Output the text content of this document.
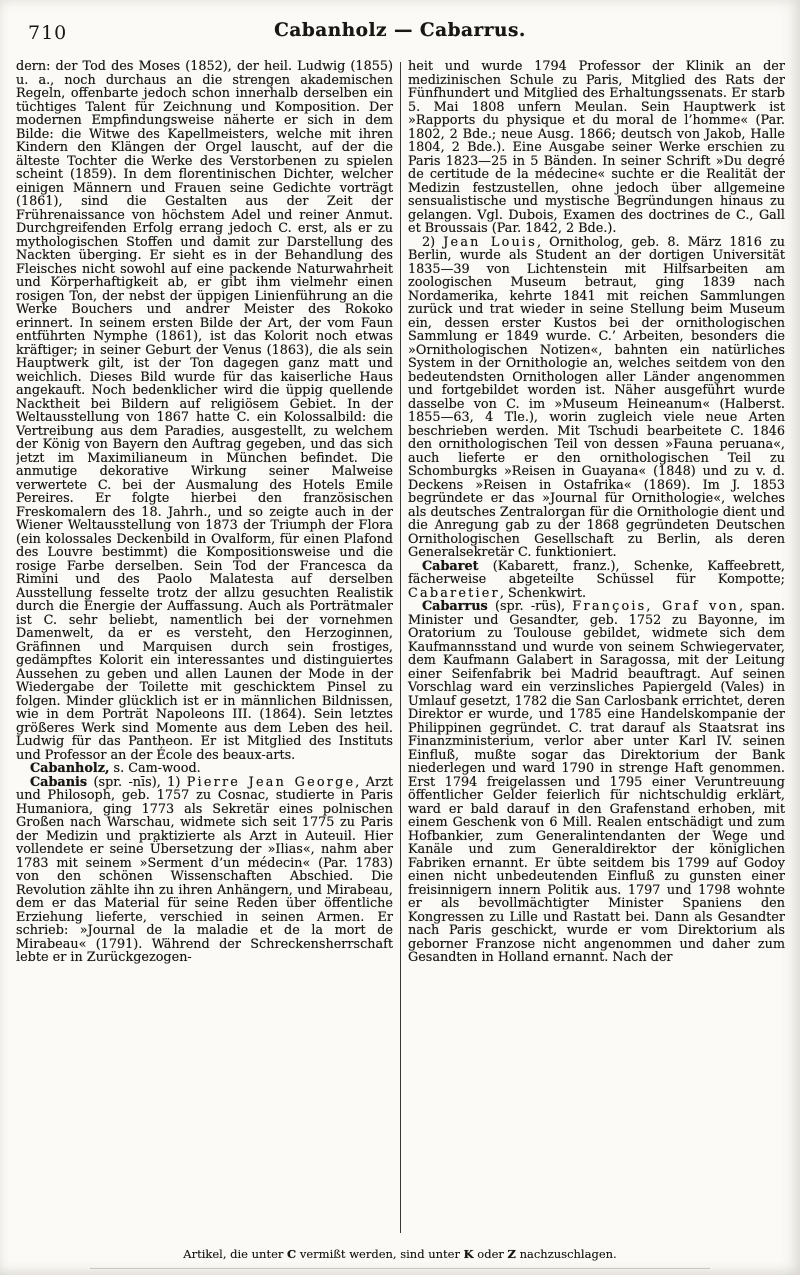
710	Cabanholz — Cabarrus.

dern: der Tod des Moses (1852), der heil. Ludwig (1855) u. a., noch durchaus an die strengen akademischen Regeln, offenbarte jedoch schon innerhalb derselben ein tüchtiges Talent für Zeichnung und Komposition. Der modernen Empfindungsweise näherte er sich in dem Bilde: die Witwe des Kapellmeisters, welche mit ihren Kindern den Klängen der Orgel lauscht, auf der die älteste Tochter die Werke des Verstorbenen zu spielen scheint (1859). In dem florentinischen Dichter, welcher einigen Männern und Frauen seine Gedichte vorträgt (1861), sind die Gestalten aus der Zeit der Frührenaissance von höchstem Adel und reiner Anmut. Durchgreifenden Erfolg errang jedoch C. erst, als er zu mythologischen Stoffen und damit zur Darstellung des Nackten überging. Er sieht es in der Behandlung des Fleisches nicht sowohl auf eine packende Naturwahrheit und Körperhaftigkeit ab, er gibt ihm vielmehr einen rosigen Ton, der nebst der üppigen Linienführung an die Werke Bouchers und andrer Meister des Rokoko erinnert. In seinem ersten Bilde der Art, der vom Faun entführten Nymphe (1861), ist das Kolorit noch etwas kräftiger; in seiner Geburt der Venus (1863), die als sein Hauptwerk gilt, ist der Ton dagegen ganz matt und weichlich. Dieses Bild wurde für das kaiserliche Haus angekauft. Noch bedenklicher wird die üppig quellende Nacktheit bei Bildern auf religiösem Gebiet. In der Weltausstellung von 1867 hatte C. ein Kolossalbild: die Vertreibung aus dem Paradies, ausgestellt, zu welchem der König von Bayern den Auftrag gegeben, und das sich jetzt im Maximilianeum in München befindet. Die anmutige dekorative Wirkung seiner Malweise verwertete C. bei der Ausmalung des Hotels Emile Pereires. Er folgte hierbei den französischen Freskomalern des 18. Jahrh., und so zeigte auch in der Wiener Weltausstellung von 1873 der Triumph der Flora (ein kolossales Deckenbild in Ovalform, für einen Plafond des Louvre bestimmt) die Kompositionsweise und die rosige Farbe derselben. Sein Tod der Francesca da Rimini und des Paolo Malatesta auf derselben Ausstellung fesselte trotz der allzu gesuchten Realistik durch die Energie der Auffassung. Auch als Porträtmaler ist C. sehr beliebt, namentlich bei der vornehmen Damenwelt, da er es versteht, den Herzoginnen, Gräfinnen und Marquisen durch sein frostiges, gedämpftes Kolorit ein interessantes und distinguiertes Aussehen zu geben und allen Launen der Mode in der Wiedergabe der Toilette mit geschicktem Pinsel zu folgen. Minder glücklich ist er in männlichen Bildnissen, wie in dem Porträt Napoleons III. (1864). Sein letztes größeres Werk sind Momente aus dem Leben des heil. Ludwig für das Pantheon. Er ist Mitglied des Instituts und Professor an der École des beaux-arts.

Cabanholz, s. Cam-wood.

Cabanis (spr. -nīs), 1) Pierre Jean George, Arzt und Philosoph, geb. 1757 zu Cosnac, studierte in Paris Humaniora, ging 1773 als Sekretär eines polnischen Großen nach Warschau, widmete sich seit 1775 zu Paris der Medizin und praktizierte als Arzt in Auteuil. Hier vollendete er seine Übersetzung der »Ilias«, nahm aber 1783 mit seinem »Serment d’un médecin« (Par. 1783) von den schönen Wissenschaften Abschied. Die Revolution zählte ihn zu ihren Anhängern, und Mirabeau, dem er das Material für seine Reden über öffentliche Erziehung lieferte, verschied in seinen Armen. Er schrieb: »Journal de la maladie et de la mort de Mirabeau« (1791). Während der Schreckensherrschaft lebte er in Zurückgezogen-

heit und wurde 1794 Professor der Klinik an der medizinischen Schule zu Paris, Mitglied des Rats der Fünfhundert und Mitglied des Erhaltungssenats. Er starb 5. Mai 1808 unfern Meulan. Sein Hauptwerk ist »Rapports du physique et du moral de l’homme« (Par. 1802, 2 Bde.; neue Ausg. 1866; deutsch von Jakob, Halle 1804, 2 Bde.). Eine Ausgabe seiner Werke erschien zu Paris 1823—25 in 5 Bänden. In seiner Schrift »Du degré de certitude de la médecine« suchte er die Realität der Medizin festzustellen, ohne jedoch über allgemeine sensualistische und mystische Begründungen hinaus zu gelangen. Vgl. Dubois, Examen des doctrines de C., Gall et Broussais (Par. 1842, 2 Bde.).

2) Jean Louis, Ornitholog, geb. 8. März 1816 zu Berlin, wurde als Student an der dortigen Universität 1835—39 von Lichtenstein mit Hilfsarbeiten am zoologischen Museum betraut, ging 1839 nach Nordamerika, kehrte 1841 mit reichen Sammlungen zurück und trat wieder in seine Stellung beim Museum ein, dessen erster Kustos bei der ornithologischen Sammlung er 1849 wurde. C.’ Arbeiten, besonders die »Ornithologischen Notizen«, bahnten ein natürliches System in der Ornithologie an, welches seitdem von den bedeutendsten Ornithologen aller Länder angenommen und fortgebildet worden ist. Näher ausgeführt wurde dasselbe von C. im »Museum Heineanum« (Halberst. 1855—63, 4 Tle.), worin zugleich viele neue Arten beschrieben werden. Mit Tschudi bearbeitete C. 1846 den ornithologischen Teil von dessen »Fauna peruana«, auch lieferte er den ornithologischen Teil zu Schomburgks »Reisen in Guayana« (1848) und zu v. d. Deckens »Reisen in Ostafrika« (1869). Im J. 1853 begründete er das »Journal für Ornithologie«, welches als deutsches Zentralorgan für die Ornithologie dient und die Anregung gab zu der 1868 gegründeten Deutschen Ornithologischen Gesellschaft zu Berlin, als deren Generalsekretär C. funktioniert.

Cabaret (Kabarett, franz.), Schenke, Kaffeebrett, fächerweise abgeteilte Schüssel für Kompotte; Cabaretier, Schenkwirt.

Cabarrus (spr. -rüs), François, Graf von, span. Minister und Gesandter, geb. 1752 zu Bayonne, im Oratorium zu Toulouse gebildet, widmete sich dem Kaufmannsstand und wurde von seinem Schwiegervater, dem Kaufmann Galabert in Saragossa, mit der Leitung einer Seifenfabrik bei Madrid beauftragt. Auf seinen Vorschlag ward ein verzinsliches Papiergeld (Vales) in Umlauf gesetzt, 1782 die San Carlosbank errichtet, deren Direktor er wurde, und 1785 eine Handelskompanie der Philippinen gegründet. C. trat darauf als Staatsrat ins Finanzministerium, verlor aber unter Karl IV. seinen Einfluß, mußte sogar das Direktorium der Bank niederlegen und ward 1790 in strenge Haft genommen. Erst 1794 freigelassen und 1795 einer Veruntreuung öffentlicher Gelder feierlich für nichtschuldig erklärt, ward er bald darauf in den Grafenstand erhoben, mit einem Geschenk von 6 Mill. Realen entschädigt und zum Hofbankier, zum Generalintendanten der Wege und Kanäle und zum Generaldirektor der königlichen Fabriken ernannt. Er übte seitdem bis 1799 auf Godoy einen nicht unbedeutenden Einfluß zu gunsten einer freisinnigern innern Politik aus. 1797 und 1798 wohnte er als bevollmächtigter Minister Spaniens den Kongressen zu Lille und Rastatt bei. Dann als Gesandter nach Paris geschickt, wurde er vom Direktorium als geborner Franzose nicht angenommen und daher zum Gesandten in Holland ernannt. Nach der

Artikel, die unter C vermißt werden, sind unter K oder Z nachzuschlagen.
